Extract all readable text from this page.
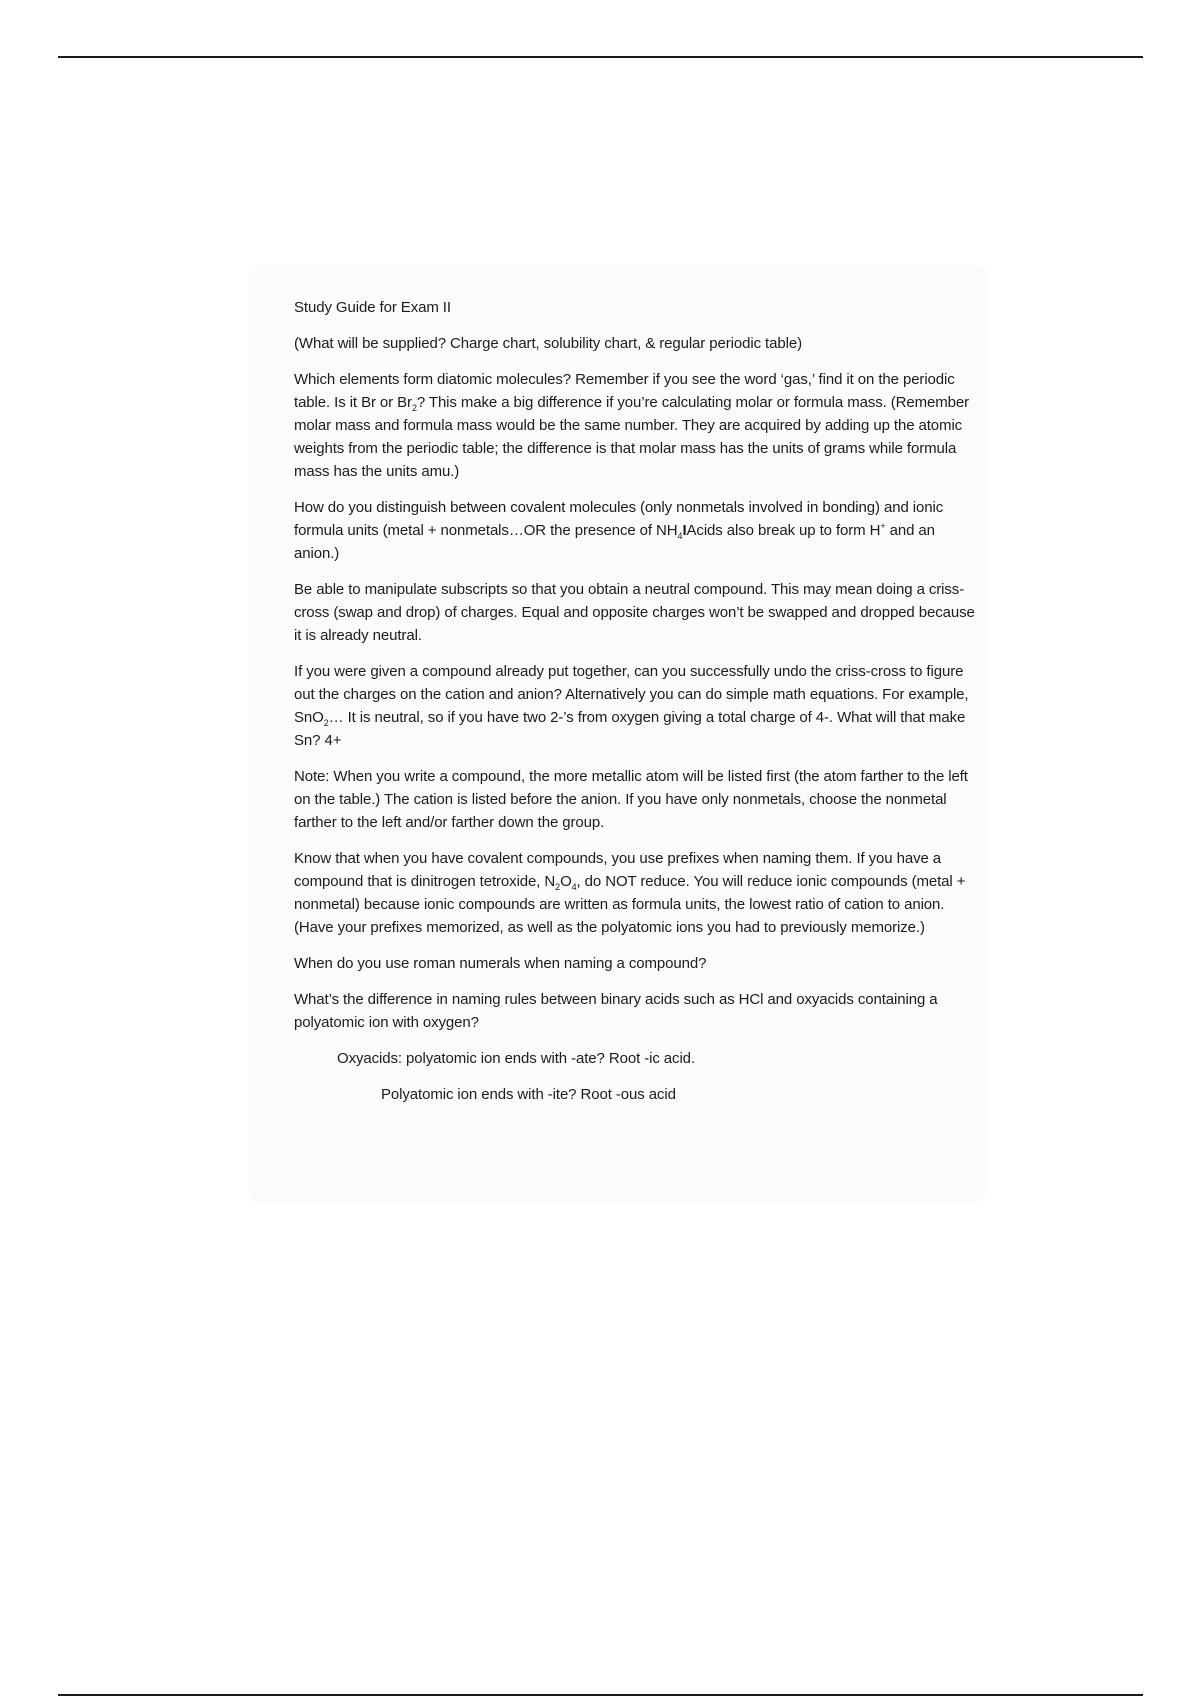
Study Guide for Exam II

(What will be supplied? Charge chart, solubility chart, & regular periodic table)

Which elements form diatomic molecules? Remember if you see the word ‘gas,’ find it on the periodic table. Is it Br or $Br_2$? This make a big difference if you’re calculating molar or formula mass. (Remember molar mass and formula mass would be the same number. They are acquired by adding up the atomic weights from the periodic table; the difference is that molar mass has the units of grams while formula mass has the units amu.)

How do you distinguish between covalent molecules (only nonmetals involved in bonding) and ionic formula units (metal + nonmetals…OR the presence of $NH_4IAcids$ also break up to form H+ and an anion.)

Be able to manipulate subscripts so that you obtain a neutral compound. This may mean doing a criss-cross (swap and drop) of charges. Equal and opposite charges won’t be swapped and dropped because it is already neutral.

If you were given a compound already put together, can you successfully undo the criss-cross to figure out the charges on the cation and anion? Alternatively you can do simple math equations. For example, SnO$_2$… It is neutral, so if you have two 2-’s from oxygen giving a total charge of 4-. What will that make Sn? 4+

Note: When you write a compound, the more metallic atom will be listed first (the atom farther to the left on the table.) The cation is listed before the anion. If you have only nonmetals, choose the nonmetal farther to the left and/or farther down the group.

Know that when you have covalent compounds, you use prefixes when naming them. If you have a compound that is dinitrogen tetroxide, $N_2O_4$, do NOT reduce. You will reduce ionic compounds (metal + nonmetal) because ionic compounds are written as formula units, the lowest ratio of cation to anion. (Have your prefixes memorized, as well as the polyatomic ions you had to previously memorize.)

When do you use roman numerals when naming a compound?

What’s the difference in naming rules between binary acids such as HCl and oxyacids containing a polyatomic ion with oxygen?

Oxyacids: polyatomic ion ends with -ate? Root -ic acid.

Polyatomic ion ends with -ite? Root -ous acid
